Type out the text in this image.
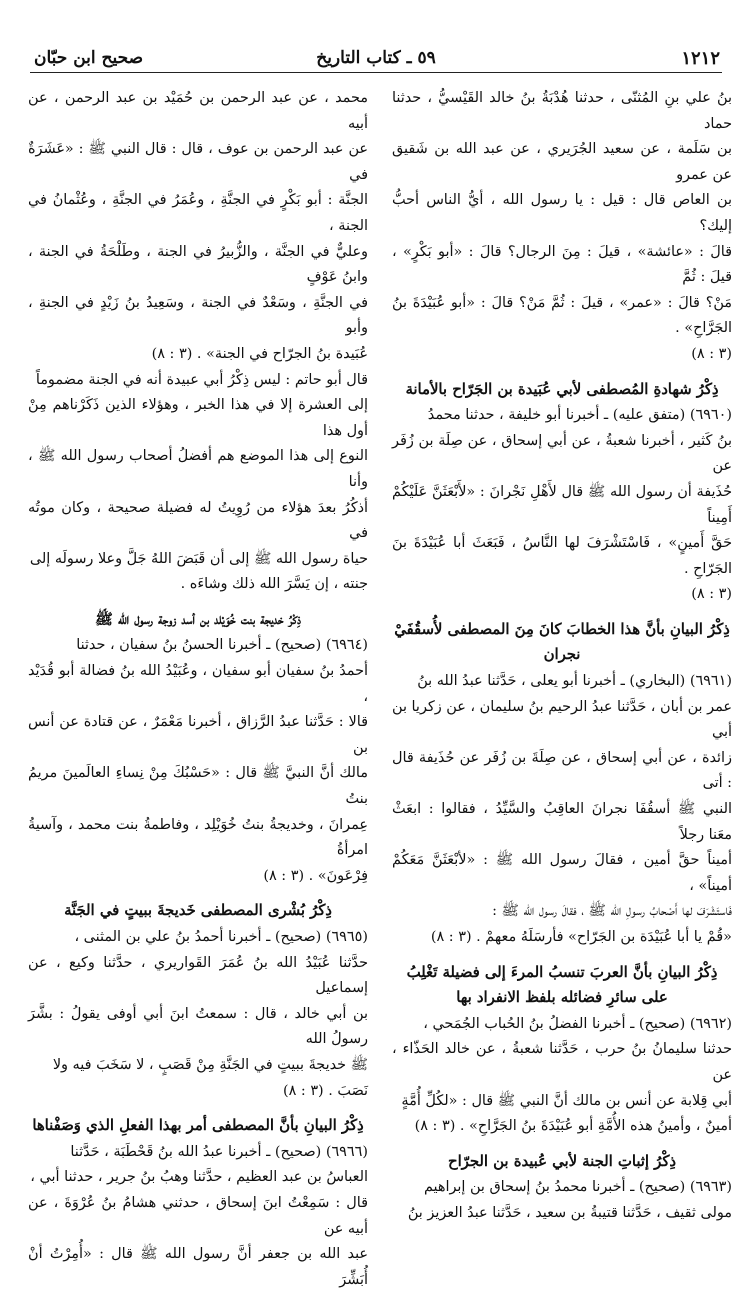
١٢١٢
٥٩ ـ كتاب التاريخ
صحيح ابن حبّان

بنُ علي بنِ المُثنّى ، حدثنا هُدْبَةُ بنُ خالد القَيْسيُّ ، حدثنا حماد

بن سَلَمة ، عن سعيد الجُرَيري ، عن عبد الله بن شَقيق عن عمرو

بن العاص قال : قيل : يا رسول الله ، أيُّ الناس أحبُّ إليك؟

قالَ : «عائشة» ، قيلَ : مِنَ الرجال؟ قالَ : «أبو بَكْرٍ» ، قيلَ : ثُمَّ

مَنْ؟ قالَ : «عمر» ، قيلَ : ثُمَّ مَنْ؟ قالَ : «أبو عُبَيْدَةَ بنُ الجَرَّاحِ» .

(٣ : ٨)

ذِكْرُ شهادةِ المُصطفى لأبي عُبَيدة بن الجَرّاح بالأمانة

(٦٩٦٠) (متفق عليه) ـ أخبرنا أبو خليفة ، حدثنا محمدُ

بنُ كَثير ، أخبرنا شعبةُ ، عن أبي إسحاق ، عن صِلَة بن زُفَر عن

حُذَيفة أن رسول الله ﷺ قال لأَهْلِ نَجْرانَ : «لأَبْعَثَنَّ عَلَيْكُمْ أَمِيناً

حَقَّ أَمينٍ» ، فَاسْتَشْرَفَ لها النَّاسُ ، فَبَعَثَ أبا عُبَيْدَةَ بنَ الجَرّاحِ .

(٣ : ٨)

ذِكْرُ البيانِ بأنَّ هذا الخطابَ كانَ مِنَ المصطفى لأُسقُفَيْ نجران

(٦٩٦١) (البخاري) ـ أخبرنا أبو يعلى ، حَدَّثنا عبدُ الله بنُ

عمر بن أبان ، حَدَّثنا عبدُ الرحيم بنُ سليمان ، عن زكريا بن أبي

زائدة ، عن أبي إسحاق ، عن صِلَةَ بن زُفَر عن حُذَيفة قال : أتى

النبي ﷺ أسقُفَا نجرانَ العاقِبُ والسَّيِّدُ ، فقالوا : ابعَثْ معَنا رجلاً

أميناً حقَّ أمين ، فقالَ رسول الله ﷺ : «لأبْعَثَنَّ مَعَكُمْ أميناً» ،

فَاستَشْرَفَ لها أَصْحابُ رسولِ الله ﷺ ، فقالَ رسول الله ﷺ :

«قُمْ يا أبا عُبَيْدَة بن الجَرّاح» فأرسَلَهُ معهمْ . (٣ : ٨)

ذِكْرُ البيانِ بأنَّ العربَ تنسبُ المرءَ إلى فضيلة تَغْلِبُ على سائرِ فضائله بلفظ الانفراد بها

(٦٩٦٢) (صحيح) ـ أخبرنا الفضلُ بنُ الحُباب الجُمَحي ،

حدثنا سليمانُ بنُ حرب ، حَدَّثنا شعبةُ ، عن خالد الحَذّاء ، عن

أبي قِلابة عن أنس بن مالك أنَّ النبي ﷺ قال : «لكُلِّ أُمَّةٍ

أمينٌ ، وأمينُ هذه الأُمَّةِ أبو عُبَيْدَةَ بنُ الجَرَّاحِ» . (٣ : ٨)

ذِكْرُ إثباتِ الجنة لأبي عُبيدة بن الجرّاح

(٦٩٦٣) (صحيح) ـ أخبرنا محمدُ بنُ إسحاق بن إبراهيم

مولى ثقيف ، حَدَّثنا قتيبةُ بن سعيد ، حَدَّثنا عبدُ العزيز بنُ

محمد ، عن عبد الرحمن بن حُمَيْد بن عبد الرحمن ، عن أبيه

عن عبد الرحمن بن عوف ، قال : قال النبي ﷺ : «عَشَرَةٌ في

الجنَّة : أبو بَكْرٍ في الجنَّةِ ، وعُمَرُ في الجنَّةِ ، وعُثْمانُ في الجنة ،

وعليٌّ في الجنَّة ، والزُّبيرُ في الجنة ، وطَلْحَةُ في الجنة ، وابنُ عَوْفٍ

في الجنَّةِ ، وسَعْدٌ في الجنة ، وسَعِيدُ بنُ زَيْدٍ في الجنةِ ، وأبو

عُبَيدة بنُ الجرّاح في الجنة» . (٣ : ٨)

قال أبو حاتم : ليس ذِكْرُ أبي عبيدة أنه في الجنة مضموماً

إلى العشرة إلا في هذا الخبر ، وهؤلاء الذين ذَكَرْناهم مِنْ أول هذا

النوع إلى هذا الموضع هم أفضلُ أصحاب رسول الله ﷺ ، وأنا

أذكُرُ بعدَ هؤلاء من رُوِيتُ له فضيلة صحيحة ، وكان موتُه في

حياة رسول الله ﷺ إلى أن قَبَضَ اللهُ جَلَّ وعلا رسولَه إلى

جنته ، إن يَسَّرَ الله ذلك وشاءَه .

ذِكْرُ خديجة بنت خُوَيْلد بن أسد زوجة رسول الله ﷺ

(٦٩٦٤) (صحيح) ـ أخبرنا الحسنُ بنُ سفيان ، حدثنا

أحمدُ بنُ سفيان أبو سفيان ، وعُبَيْدُ الله بنُ فضالة أبو قُدَيْد ،

قالا : حَدَّثنا عبدُ الرَّزاق ، أخبرنا مَعْمَرٌ ، عن قتادة عن أنس بن

مالك أنَّ النبيَّ ﷺ قال : «حَسْبُكَ مِنْ نِساءِ العالَمينَ مريمُ بنتُ

عِمرانَ ، وخديجةُ بنتُ خُوَيْلِد ، وفاطمةُ بنت محمد ، وآسيةُ امرأةُ

فِرْعَونَ» . (٣ : ٨)

ذِكْرُ بُشْرى المصطفى خَديجةَ ببيتٍ في الجَنَّة

(٦٩٦٥) (صحيح) ـ أخبرنا أحمدُ بنُ علي بن المثنى ،

حدَّثنا عُبَيْدُ الله بنُ عُمَرَ القَواريري ، حدَّثنا وكيع ، عن إسماعيل

بن أبي خالد ، قال : سمعتُ ابنَ أبي أوفى يقولُ : بشَّرَ رسولُ الله

ﷺ خديجةَ ببيتٍ في الجَنَّةِ مِنْ قَصَبٍ ، لا سَخَبَ فيه ولا

نَصَبَ . (٣ : ٨)

ذِكْرُ البيانِ بأنَّ المصطفى أمر بهذا الفعلِ الذي وَصَفْناها

(٦٩٦٦) (صحيح) ـ أخبرنا عبدُ الله بنُ قَحْطَبَة ، حَدَّثنا

العباسُ بن عبد العظيم ، حدَّثنا وهبُ بنُ جرير ، حدثنا أبي ،

قال : سَمِعْتُ ابنَ إسحاق ، حدثني هشامُ بنُ عُرْوَةَ ، عن أبيه عن

عبد الله بن جعفر أنَّ رسول الله ﷺ قال : «أُمِرْتُ أنْ أُبَشِّرَ
